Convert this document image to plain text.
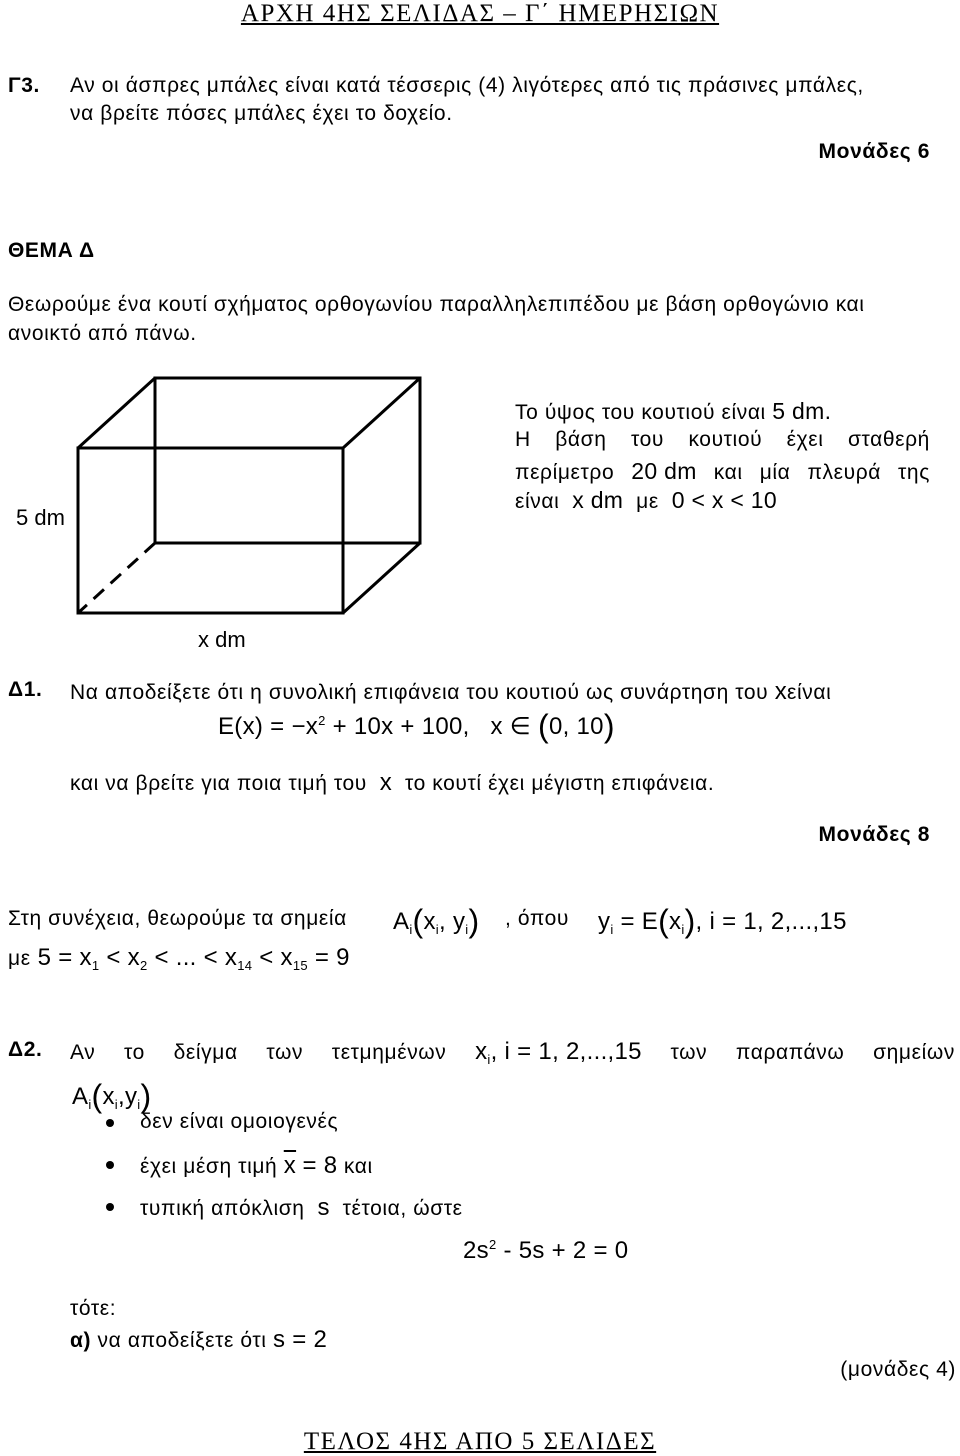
ΑΡΧΗ 4ΗΣ ΣΕΛΙΔΑΣ – Γ΄ ΗΜΕΡΗΣΙΩΝ
Γ3. Αν οι άσπρες μπάλες είναι κατά τέσσερις (4) λιγότερες από τις πράσινες μπάλες,
να βρείτε πόσες μπάλες έχει το δοχείο.
Μονάδες 6
ΘΕΜΑ Δ
Θεωρούμε ένα κουτί σχήματος ορθογωνίου παραλληλεπιπέδου με βάση ορθογώνιο και
ανοικτό από πάνω.
5 dm
x dm
Το ύψος του κουτιού είναι 5 dm.
Η βάση του κουτιού έχει σταθερή
περίμετρο 20 dm και μία πλευρά της
είναι x dm με 0 < x < 10
Δ1. Να αποδείξετε ότι η συνολική επιφάνεια του κουτιού ως συνάρτηση του xείναι
$E(x) = -x^2 + 10x + 100$, x ∈ (0, 10)
και να βρείτε για ποια τιμή του x το κουτί έχει μέγιστη επιφάνεια.
Μονάδες 8
Στη συνέχεια, θεωρούμε τα σημεία $A_i(x_i$, $y_i$) , όπου $y_i = E(x_i)$, i = 1, 2,...,15
με $5 = x_1 < x_2$ < ... < $x_{14} < x_{15} = 9$
Δ2. Αν το δείγμα των τετμημένων $x_i$, i = 1, 2,...,15 των παραπάνω σημείων
$A_i(x_i,y_i)$
δεν είναι ομοιογενές
έχει μέση τιμή $\overline{x} = 8$ και
τυπική απόκλιση s τέτοια, ώστε
$2s^2 - 5s + 2 = 0$
τότε:
α) να αποδείξετε ότι s = 2
(μονάδες 4)
ΤΕΛΟΣ 4ΗΣ ΑΠΟ 5 ΣΕΛΙΔΕΣ
